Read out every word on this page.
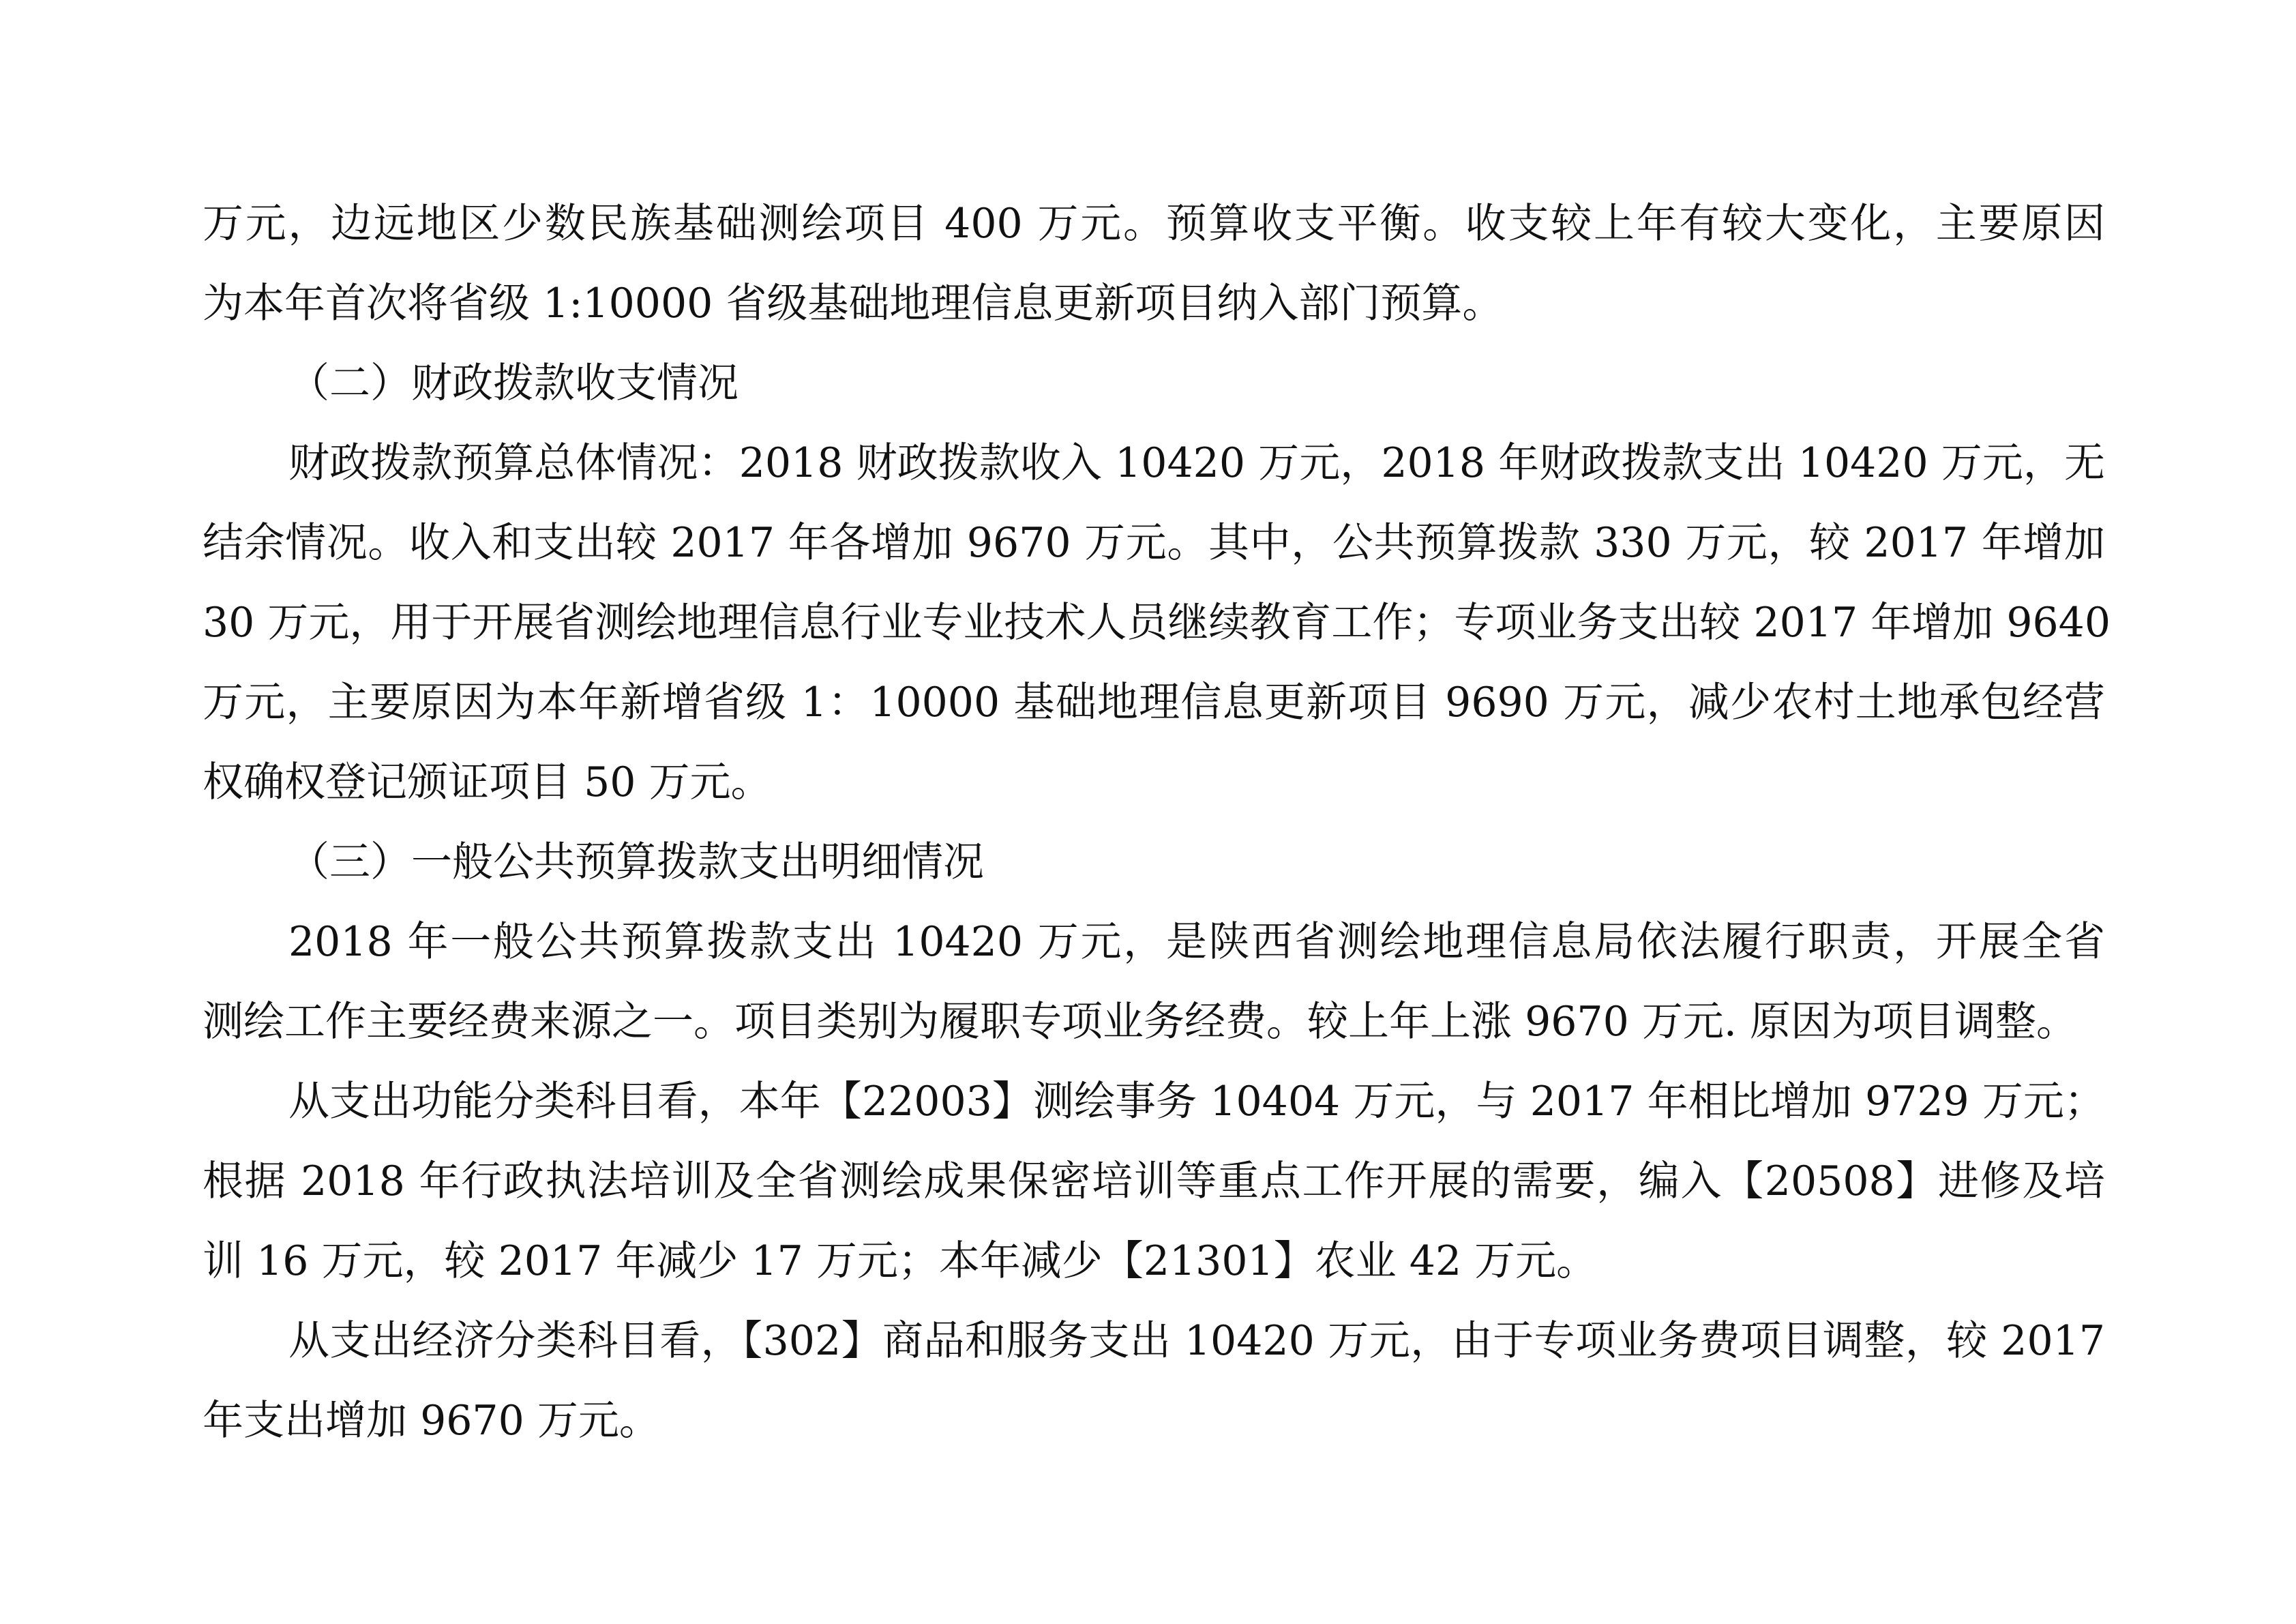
万元，边远地区少数民族基础测绘项目 400 万元。预算收支平衡。收支较上年有较大变化，主要原因
为本年首次将省级 1:10000 省级基础地理信息更新项目纳入部门预算。
（二）财政拨款收支情况
财政拨款预算总体情况：2018 财政拨款收入 10420 万元，2018 年财政拨款支出 10420 万元，无
结余情况。收入和支出较 2017 年各增加 9670 万元。其中，公共预算拨款 330 万元，较 2017 年增加
30 万元，用于开展省测绘地理信息行业专业技术人员继续教育工作；专项业务支出较 2017 年增加 9640
万元，主要原因为本年新增省级 1：10000 基础地理信息更新项目 9690 万元，减少农村土地承包经营
权确权登记颁证项目 50 万元。
（三）一般公共预算拨款支出明细情况
2018 年一般公共预算拨款支出 10420 万元，是陕西省测绘地理信息局依法履行职责，开展全省
测绘工作主要经费来源之一。项目类别为履职专项业务经费。较上年上涨 9670 万元. 原因为项目调整。
从支出功能分类科目看，本年【22003】测绘事务 10404 万元，与 2017 年相比增加 9729 万元；
根据 2018 年行政执法培训及全省测绘成果保密培训等重点工作开展的需要，编入【20508】进修及培
训 16 万元，较 2017 年减少 17 万元；本年减少【21301】农业 42 万元。
从支出经济分类科目看，【302】商品和服务支出 10420 万元，由于专项业务费项目调整，较 2017
年支出增加 9670 万元。
